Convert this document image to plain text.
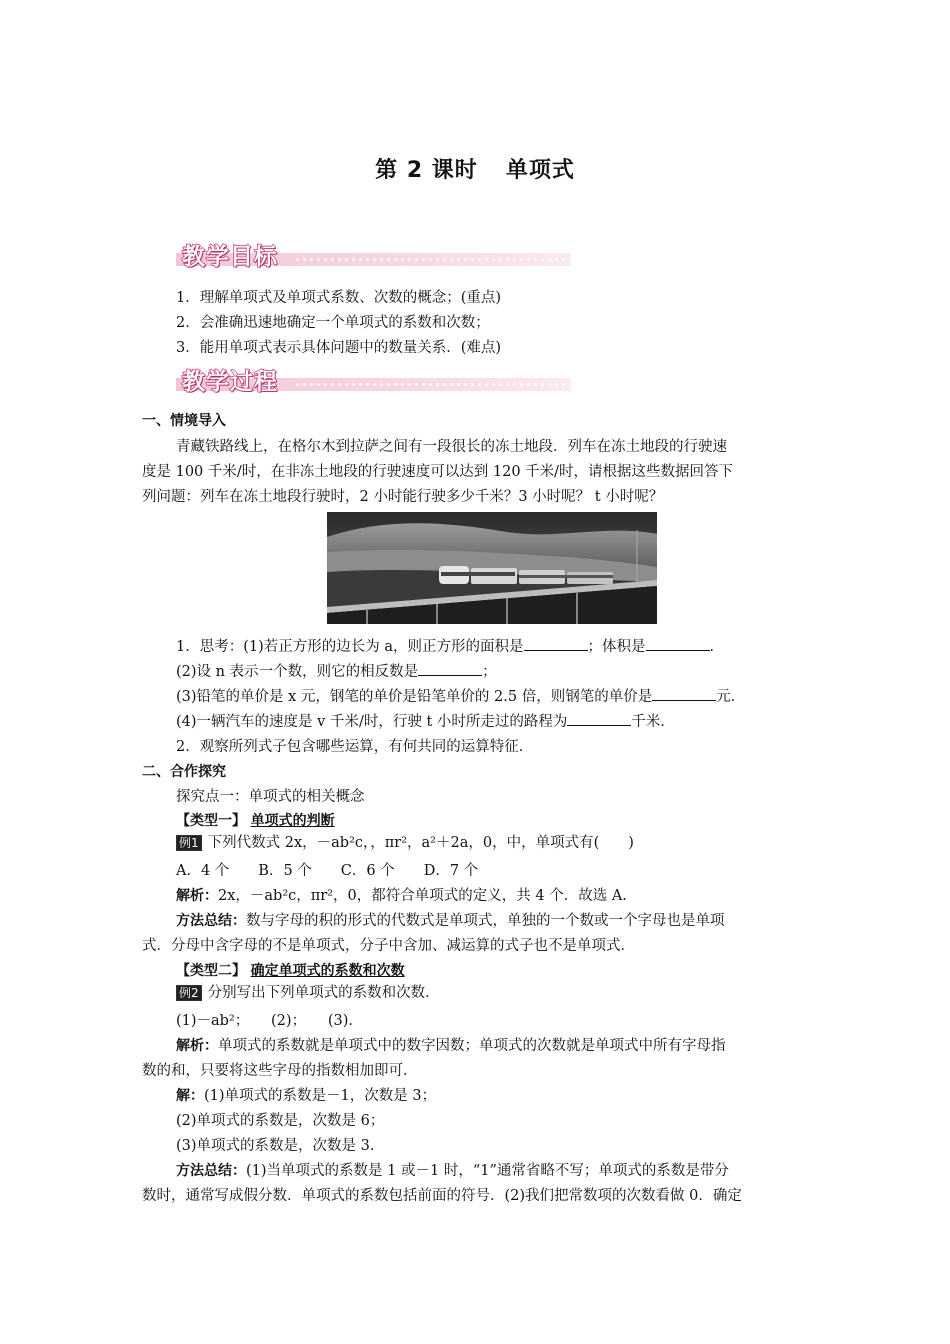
第 2 课时 单项式
教学目标
1．理解单项式及单项式系数、次数的概念；(重点)
2．会准确迅速地确定一个单项式的系数和次数；
3．能用单项式表示具体问题中的数量关系．(难点)
教学过程
一、情境导入
青藏铁路线上，在格尔木到拉萨之间有一段很长的冻土地段．列车在冻土地段的行驶速
度是 100 千米/时，在非冻土地段的行驶速度可以达到 120 千米/时，请根据这些数据回答下
列问题：列车在冻土地段行驶时，2 小时能行驶多少千米？3 小时呢？ t 小时呢？
1．思考：(1)若正方形的边长为 a，则正方形的面积是	；体积是	．
(2)设 n 表示一个数，则它的相反数是	；
(3)铅笔的单价是 x 元，钢笔的单价是铅笔单价的 2.5 倍，则钢笔的单价是	元．
(4)一辆汽车的速度是 v 千米/时，行驶 t 小时所走过的路程为	千米．
2．观察所列式子包含哪些运算，有何共同的运算特征．
二、合作探究
探究点一：单项式的相关概念
【类型一】 单项式的判断
例1 下列代数式 2x，－ab²c，，πr²，a²＋2a，0，中，单项式有(　　)
A．4 个　　B．5 个　　C．6 个　　D．7 个
解析：2x，－ab²c，πr²，0，都符合单项式的定义，共 4 个．故选 A.
方法总结：数与字母的积的形式的代数式是单项式，单独的一个数或一个字母也是单项
式．分母中含字母的不是单项式，分子中含加、减运算的式子也不是单项式．
【类型二】 确定单项式的系数和次数
例2 分别写出下列单项式的系数和次数．
(1)－ab²；　　(2)；　　(3)．
解析：单项式的系数就是单项式中的数字因数；单项式的次数就是单项式中所有字母指
数的和，只要将这些字母的指数相加即可．
解：(1)单项式的系数是－1，次数是 3；
(2)单项式的系数是，次数是 6；
(3)单项式的系数是，次数是 3.
方法总结：(1)当单项式的系数是 1 或－1 时，“1”通常省略不写；单项式的系数是带分
数时，通常写成假分数．单项式的系数包括前面的符号．(2)我们把常数项的次数看做 0．确定
